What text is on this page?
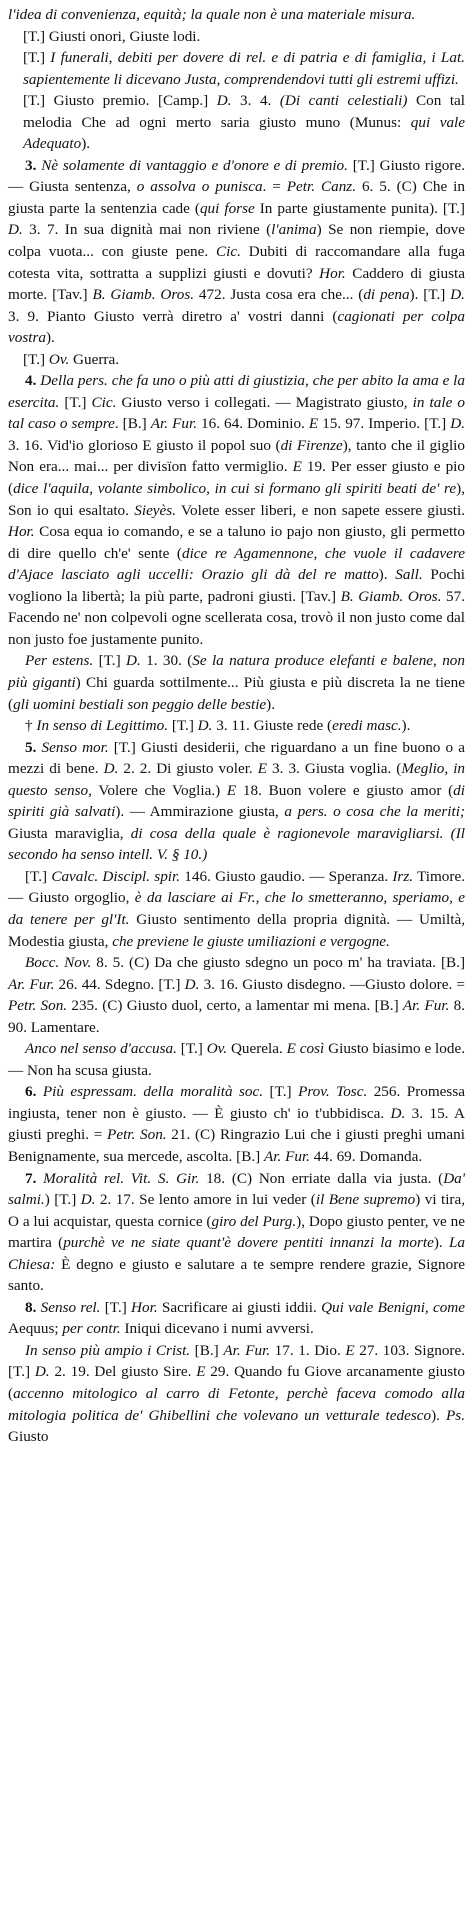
l'idea di convenienza, equità; la quale non è una materiale misura.

[T.] Giusti onori, Giuste lodi.

[T.] I funerali, debiti per dovere di rel. e di patria e di famiglia, i Lat. sapientemente li dicevano Justa, comprendendovi tutti gli estremi uffizi.

[T.] Giusto premio. [Camp.] D. 3. 4. (Di canti celestiali) Con tal melodia Che ad ogni merto saria giusto muno (Munus: qui vale Adequato).

3. Nè solamente di vantaggio e d'onore e di premio. [T.] Giusto rigore. — Giusta sentenza, o assolva o punisca. = Petr. Canz. 6. 5. (C) Che in giusta parte la sentenzia cade (qui forse In parte giustamente punita). [T.] D. 3. 7. In sua dignità mai non riviene (l'anima) Se non riempie, dove colpa vuota... con giuste pene. Cic. Dubiti di raccomandare alla fuga cotesta vita, sottratta a supplizi giusti e dovuti? Hor. Caddero di giusta morte. [Tav.] B. Giamb. Oros. 472. Justa cosa era che... (di pena). [T.] D. 3. 9. Pianto Giusto verrà diretro a' vostri danni (cagionati per colpa vostra).

[T.] Ov. Guerra.

4. Della pers. che fa uno o più atti di giustizia, che per abito la ama e la esercita. [T.] Cic. Giusto verso i collegati. — Magistrato giusto, in tale o tal caso o sempre. [B.] Ar. Fur. 16. 64. Dominio. E 15. 97. Imperio. [T.] D. 3. 16. Vid'io glorioso E giusto il popol suo (di Firenze), tanto che il giglio Non era... mai... per divisïon fatto vermiglio. E 19. Per esser giusto e pio (dice l'aquila, volante simbolico, in cui si formano gli spiriti beati de' re), Son io qui esaltato. Sieyès. Volete esser liberi, e non sapete essere giusti. Hor. Cosa equa io comando, e se a taluno io pajo non giusto, gli permetto di dire quello ch'e' sente (dice re Agamennone, che vuole il cadavere d'Ajace lasciato agli uccelli: Orazio gli dà del re matto). Sall. Pochi vogliono la libertà; la più parte, padroni giusti. [Tav.] B. Giamb. Oros. 57. Facendo ne' non colpevoli ogne scellerata cosa, trovò il non justo come dal non justo foe justamente punito.

Per estens. [T.] D. 1. 30. (Se la natura produce elefanti e balene, non più giganti) Chi guarda sottilmente... Più giusta e più discreta la ne tiene (gli uomini bestiali son peggio delle bestie).

† In senso di Legittimo. [T.] D. 3. 11. Giuste rede (eredi masc.).

5. Senso mor. [T.] Giusti desiderii, che riguardano a un fine buono o a mezzi di bene. D. 2. 2. Di giusto voler. E 3. 3. Giusta voglia. (Meglio, in questo senso, Volere che Voglia.) E 18. Buon volere e giusto amor (di spiriti già salvati). — Ammirazione giusta, a pers. o cosa che la meriti; Giusta maraviglia, di cosa della quale è ragionevole maravigliarsi. (Il secondo ha senso intell. V. § 10.)

[T.] Cavalc. Discipl. spir. 146. Giusto gaudio. — Speranza. Irz. Timore. — Giusto orgoglio, è da lasciare ai Fr., che lo smetteranno, speriamo, e da tenere per gl'It. Giusto sentimento della propria dignità. — Umiltà, Modestia giusta, che previene le giuste umiliazioni e vergogne.

Bocc. Nov. 8. 5. (C) Da che giusto sdegno un poco m' ha traviata. [B.] Ar. Fur. 26. 44. Sdegno. [T.] D. 3. 16. Giusto disdegno. —Giusto dolore. = Petr. Son. 235. (C) Giusto duol, certo, a lamentar mi mena. [B.] Ar. Fur. 8. 90. Lamentare.

Anco nel senso d'accusa. [T.] Ov. Querela. E così Giusto biasimo e lode. — Non ha scusa giusta.

6. Più espressam. della moralità soc. [T.] Prov. Tosc. 256. Promessa ingiusta, tener non è giusto. — È giusto ch' io t'ubbidisca. D. 3. 15. A giusti preghi. = Petr. Son. 21. (C) Ringrazio Lui che i giusti preghi umani Benignamente, sua mercede, ascolta. [B.] Ar. Fur. 44. 69. Domanda.

7. Moralità rel. Vit. S. Gir. 18. (C) Non erriate dalla via justa. (Da' salmi.) [T.] D. 2. 17. Se lento amore in lui veder (il Bene supremo) vi tira, O a lui acquistar, questa cornice (giro del Purg.), Dopo giusto penter, ve ne martira (purchè ve ne siate quant'è dovere pentiti innanzi la morte). La Chiesa: È degno e giusto e salutare a te sempre rendere grazie, Signore santo.

8. Senso rel. [T.] Hor. Sacrificare ai giusti iddii. Qui vale Benigni, come Aequus; per contr. Iniqui dicevano i numi avversi.

In senso più ampio i Crist. [B.] Ar. Fur. 17. 1. Dio. E 27. 103. Signore. [T.] D. 2. 19. Del giusto Sire. E 29. Quando fu Giove arcanamente giusto (accenno mitologico al carro di Fetonte, perchè faceva comodo alla mitologia politica de' Ghibellini che volevano un vetturale tedesco). Ps. Giusto
